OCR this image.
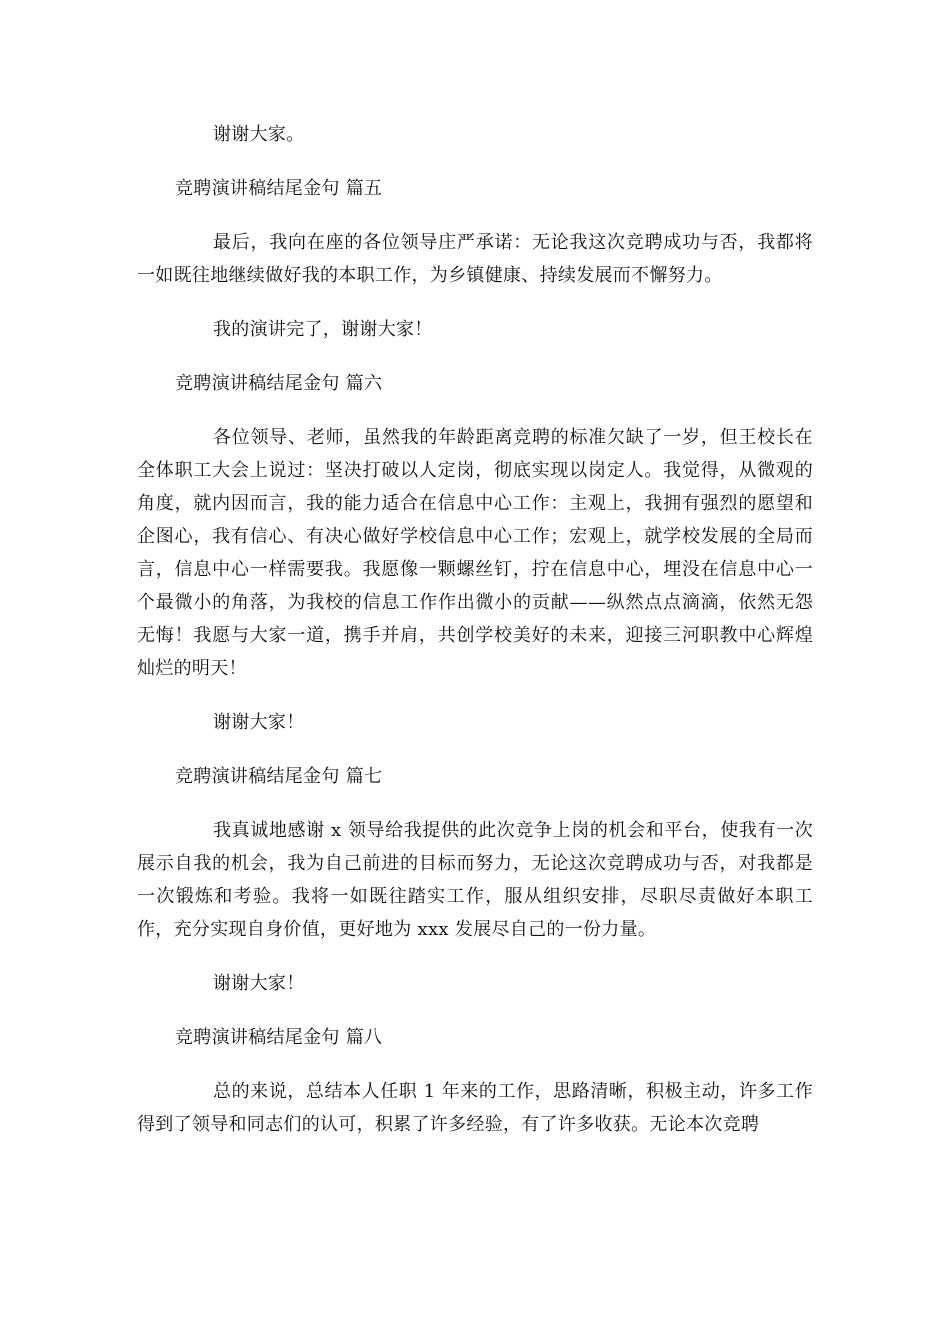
谢谢大家。

竞聘演讲稿结尾金句 篇五

最后，我向在座的各位领导庄严承诺：无论我这次竞聘成功与否，我都将一如既往地继续做好我的本职工作，为乡镇健康、持续发展而不懈努力。

我的演讲完了，谢谢大家！

竞聘演讲稿结尾金句 篇六

各位领导、老师，虽然我的年龄距离竞聘的标准欠缺了一岁，但王校长在全体职工大会上说过：坚决打破以人定岗，彻底实现以岗定人。我觉得，从微观的角度，就内因而言，我的能力适合在信息中心工作：主观上，我拥有强烈的愿望和企图心，我有信心、有决心做好学校信息中心工作；宏观上，就学校发展的全局而言，信息中心一样需要我。我愿像一颗螺丝钉，拧在信息中心，埋没在信息中心一个最微小的角落，为我校的信息工作作出微小的贡献——纵然点点滴滴，依然无怨无悔！我愿与大家一道，携手并肩，共创学校美好的未来，迎接三河职教中心辉煌灿烂的明天！

谢谢大家！

竞聘演讲稿结尾金句 篇七

我真诚地感谢 x 领导给我提供的此次竞争上岗的机会和平台，使我有一次展示自我的机会，我为自己前进的目标而努力，无论这次竞聘成功与否，对我都是一次锻炼和考验。我将一如既往踏实工作，服从组织安排，尽职尽责做好本职工作，充分实现自身价值，更好地为 xxx 发展尽自己的一份力量。

谢谢大家！

竞聘演讲稿结尾金句 篇八

总的来说，总结本人任职 1 年来的工作，思路清晰，积极主动，许多工作得到了领导和同志们的认可，积累了许多经验，有了许多收获。无论本次竞聘
